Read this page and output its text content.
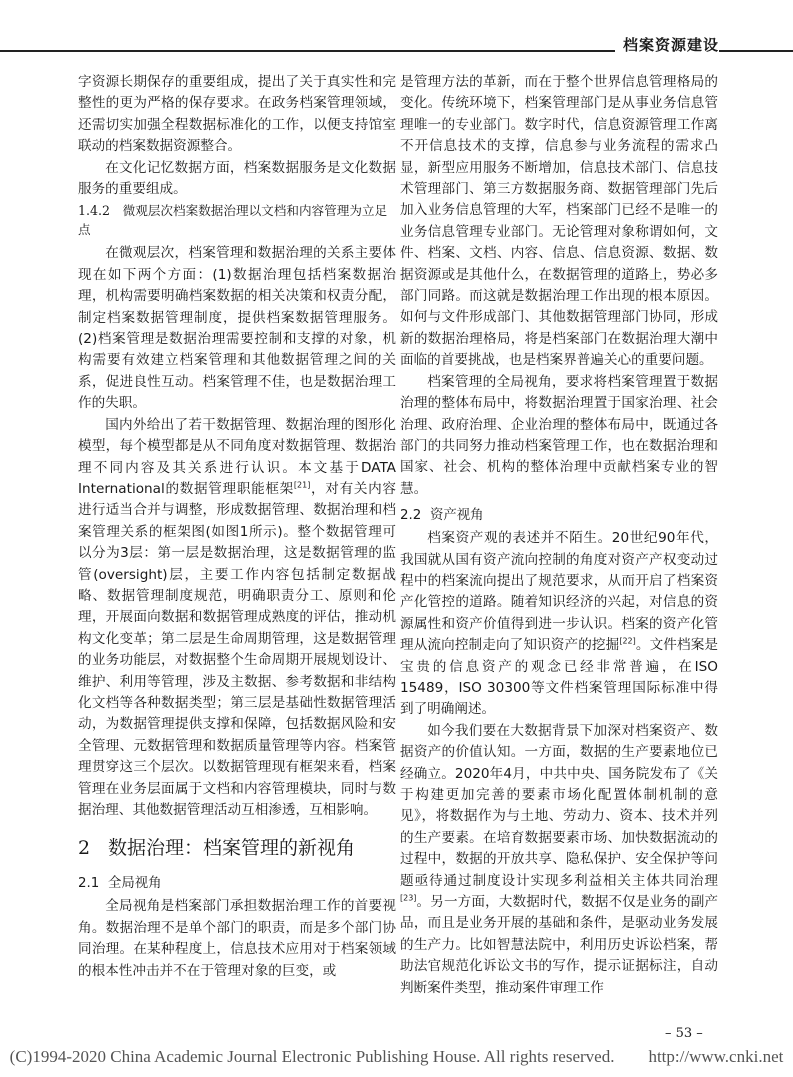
档案资源建设

字资源长期保存的重要组成，提出了关于真实性和完整性的更为严格的保存要求。在政务档案管理领域，还需切实加强全程数据标准化的工作，以便支持馆室联动的档案数据资源整合。

在文化记忆数据方面，档案数据服务是文化数据服务的重要组成。

1.4.2　微观层次档案数据治理以文档和内容管理为立足点

在微观层次，档案管理和数据治理的关系主要体现在如下两个方面：(1)数据治理包括档案数据治理，机构需要明确档案数据的相关决策和权责分配，制定档案数据管理制度，提供档案数据管理服务。(2)档案管理是数据治理需要控制和支撑的对象，机构需要有效建立档案管理和其他数据管理之间的关系，促进良性互动。档案管理不佳，也是数据治理工作的失职。

国内外给出了若干数据管理、数据治理的图形化模型，每个模型都是从不同角度对数据管理、数据治理不同内容及其关系进行认识。本文基于DATA International的数据管理职能框架[21]，对有关内容进行适当合并与调整，形成数据管理、数据治理和档案管理关系的框架图(如图1所示)。整个数据管理可以分为3层：第一层是数据治理，这是数据管理的监管(oversight)层，主要工作内容包括制定数据战略、数据管理制度规范，明确职责分工、原则和伦理，开展面向数据和数据管理成熟度的评估，推动机构文化变革；第二层是生命周期管理，这是数据管理的业务功能层，对数据整个生命周期开展规划设计、维护、利用等管理，涉及主数据、参考数据和非结构化文档等各种数据类型；第三层是基础性数据管理活动，为数据管理提供支撑和保障，包括数据风险和安全管理、元数据管理和数据质量管理等内容。档案管理贯穿这三个层次。以数据管理现有框架来看，档案管理在业务层面属于文档和内容管理模块，同时与数据治理、其他数据管理活动互相渗透，互相影响。

2 数据治理：档案管理的新视角
2.1 全局视角

全局视角是档案部门承担数据治理工作的首要视角。数据治理不是单个部门的职责，而是多个部门协同治理。在某种程度上，信息技术应用对于档案领域的根本性冲击并不在于管理对象的巨变，或

是管理方法的革新，而在于整个世界信息管理格局的变化。传统环境下，档案管理部门是从事业务信息管理唯一的专业部门。数字时代，信息资源管理工作离不开信息技术的支撑，信息参与业务流程的需求凸显，新型应用服务不断增加，信息技术部门、信息技术管理部门、第三方数据服务商、数据管理部门先后加入业务信息管理的大军，档案部门已经不是唯一的业务信息管理专业部门。无论管理对象称谓如何，文件、档案、文档、内容、信息、信息资源、数据、数据资源或是其他什么，在数据管理的道路上，势必多部门同路。而这就是数据治理工作出现的根本原因。如何与文件形成部门、其他数据管理部门协同，形成新的数据治理格局，将是档案部门在数据治理大潮中面临的首要挑战，也是档案界普遍关心的重要问题。

档案管理的全局视角，要求将档案管理置于数据治理的整体布局中，将数据治理置于国家治理、社会治理、政府治理、企业治理的整体布局中，既通过各部门的共同努力推动档案管理工作，也在数据治理和国家、社会、机构的整体治理中贡献档案专业的智慧。

2.2 资产视角

档案资产观的表述并不陌生。20世纪90年代，我国就从国有资产流向控制的角度对资产产权变动过程中的档案流向提出了规范要求，从而开启了档案资产化管控的道路。随着知识经济的兴起，对信息的资源属性和资产价值得到进一步认识。档案的资产化管理从流向控制走向了知识资产的挖掘[22]。文件档案是宝贵的信息资产的观念已经非常普遍，在ISO 15489，ISO 30300等文件档案管理国际标准中得到了明确阐述。

如今我们要在大数据背景下加深对档案资产、数据资产的价值认知。一方面，数据的生产要素地位已经确立。2020年4月，中共中央、国务院发布了《关于构建更加完善的要素市场化配置体制机制的意见》，将数据作为与土地、劳动力、资本、技术并列的生产要素。在培育数据要素市场、加快数据流动的过程中，数据的开放共享、隐私保护、安全保护等问题亟待通过制度设计实现多利益相关主体共同治理[23]。另一方面，大数据时代，数据不仅是业务的副产品，而且是业务开展的基础和条件，是驱动业务发展的生产力。比如智慧法院中，利用历史诉讼档案，帮助法官规范化诉讼文书的写作，提示证据标注，自动判断案件类型，推动案件审理工作

– 53 –
(C)1994-2020 China Academic Journal Electronic Publishing House. All rights reserved.　　http://www.cnki.net
